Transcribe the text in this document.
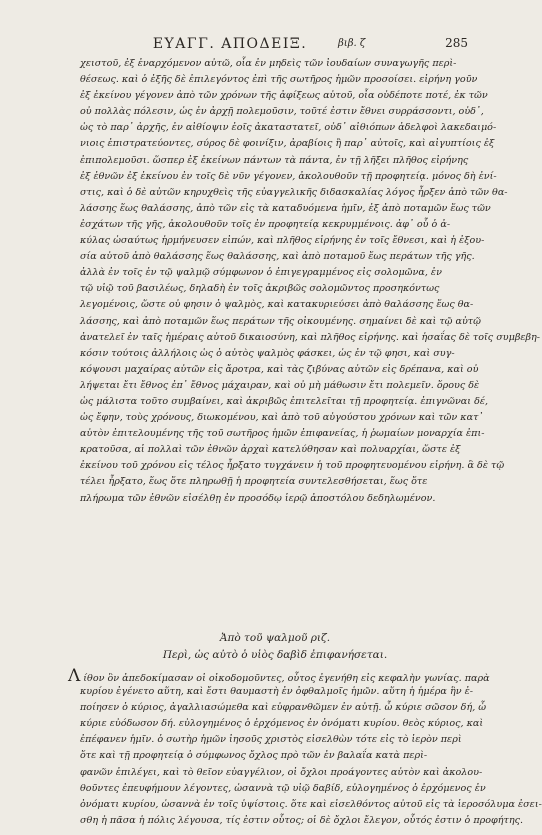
ΕΥΑΓΓ. ΑΠΟΔΕΙΞ.	βιβ. ζ̅	285
χειστοῦ, ἐξ ἐναρχόμενον αὐτῶ, οἷα ἐν μηδεὶς τῶν ἰουδαίων συναγωγῆς περὶ-
θέσεως. καὶ ὁ ἐξῆς δὲ ἐπιλεγόντος ἐπὶ τῆς σωτῆρος ἡμῶν προσοίσει. εἰρήνη γοῦν
ἐξ ἐκείνου γέγονεν ἀπὸ τῶν χρόνων τῆς ἀφίξεως αὐτοῦ, οἷα οὐδέποτε ποτέ, ἐκ τῶν
οὐ πολλὰς πόλεσιν, ὡς ἐν ἀρχῇ πολεμοῦσιν, τοῦτέ ἐστιν ἔθνει συρράσσοντι, οὐδ᾽,
ὡς τὸ παρ᾽ ἀρχῆς, ἐν αἰθίοψιν ἐοῖς ἀκαταστατεῖ, οὐδ᾽ αἰθιόπων ἀδελφοὶ λακεδαιμό-
νιοις ἐπιστρατεύοντες, σύρος δὲ φοινίξιν, ἀραβίοις ἢ παρ᾽ αὐτοῖς, καὶ αἰγυπτίοις ἐξ
ἐπιπολεμοῦσι. ὥσπερ ἐξ ἐκείνων πάντων τὰ πάντα, ἐν τῇ λῆξει πλῆθος εἰρήνης
ἐξ ἐθνῶν ἐξ ἐκείνου ἐν τοῖς δὲ νῦν γέγονεν, ἀκολουθοῦν τῇ προφητείᾳ. μόνος δὴ ἐνί-
στις, καὶ ὁ δὲ αὐτῶν κηρυχθεὶς τῆς εὐαγγελικῆς διδασκαλίας λόγος ἦρξεν ἀπὸ τῶν θα-
λάσσης ἕως θαλάσσης, ἀπὸ τῶν εἰς τὰ καταδυόμενα ἡμῖν, ἐξ ἀπὸ ποταμῶν ἕως τῶν
ἐσχάτων τῆς γῆς, ἀκολουθοῦν τοῖς ἐν προφητείᾳ κεκρυμμένοις. ἀφ᾽ οὗ ὁ ἀ-
κύλας ὡσαύτως ἡρμήνευσεν εἰπών, καὶ πλῆθος εἰρήνης ἐν τοῖς ἔθνεσι, καὶ ἡ ἐξου-
σία αὐτοῦ ἀπὸ θαλάσσης ἕως θαλάσσης, καὶ ἀπὸ ποταμοῦ ἕως περάτων τῆς γῆς.
ἀλλὰ ἐν τοῖς ἐν τῷ ψαλμῷ σύμφωνον ὁ ἐπιγεγραμμένος εἰς σολομῶνα, ἐν
τῷ υἱῷ τοῦ βασιλέως, δηλαδὴ ἐν τοῖς ἀκριβῶς σολομῶντος προσηκόντως
λεγομένοις, ὥστε οὐ φησιν ὁ ψαλμὸς, καὶ κατακυριεύσει ἀπὸ θαλάσσης ἕως θα-
λάσσης, καὶ ἀπὸ ποταμῶν ἕως περάτων τῆς οἰκουμένης. σημαίνει δὲ καὶ τῷ αὐτῷ
ἀνατελεῖ ἐν ταῖς ἡμέραις αὐτοῦ δικαιοσύνη, καὶ πλῆθος εἰρήνης. καὶ ἡσαΐας δὲ τοῖς συμβεβη-
κόσιν τούτοις ἀλλήλοις ὡς ὁ αὐτὸς ψαλμὸς φάσκει, ὡς ἐν τῷ φησι, καὶ συγ-
κόψουσι μαχαίρας αὐτῶν εἰς ἄροτρα, καὶ τὰς ζιβύνας αὐτῶν εἰς δρέπανα, καὶ οὐ
λήψεται ἔτι ἔθνος ἐπ᾽ ἔθνος μάχαιραν, καὶ οὐ μὴ μάθωσιν ἔτι πολεμεῖν. ὅρους δὲ
ὡς μάλιστα τοῦτο συμβαίνει, καὶ ἀκριβῶς ἐπιτελεῖται τῇ προφητείᾳ. ἐπιγνῶναι δέ,
ὡς ἔφην, τοὺς χρόνους, διωκομένου, καὶ ἀπὸ τοῦ αὐγούστου χρόνων καὶ τῶν κατ᾽
αὐτὸν ἐπιτελουμένης τῆς τοῦ σωτῆρος ἡμῶν ἐπιφανείας, ἡ ῥωμαίων μοναρχία ἐπι-
κρατοῦσα, αἱ πολλαὶ τῶν ἐθνῶν ἀρχαὶ κατελύθησαν καὶ πολυαρχίαι, ὥστε ἐξ
ἐκείνου τοῦ χρόνου εἰς τέλος ἦρξατο τυγχάνειν ἡ τοῦ προφητευομένου εἰρήνη. ἃ δὲ τῷ
τέλει ἦρξατο, ἕως ὅτε πληρωθῇ ἡ προφητεία συντελεσθήσεται, ἕως ὅτε
πλήρωμα τῶν ἐθνῶν εἰσέλθῃ ἐν προσόδῳ ἱερῷ ἀποστόλου δεδηλωμένον.
Ἀπὸ τοῦ ψαλμοῦ ριζ.
Περὶ, ὡς αὐτὸ ὁ υἱὸς δαβὶδ ἐπιφανήσεται.
Λίθον ὃν ἀπεδοκίμασαν οἱ οἰκοδομοῦντες, οὗτος ἐγενήθη εἰς κεφαλὴν γωνίας. παρὰ
κυρίου ἐγένετο αὕτη, καὶ ἔστι θαυμαστὴ ἐν ὀφθαλμοῖς ἡμῶν. αὕτη ἡ ἡμέρα ἣν ἐ-
ποίησεν ὁ κύριος, ἀγαλλιασώμεθα καὶ εὐφρανθῶμεν ἐν αὐτῇ. ὦ κύριε σῶσον δή, ὦ
κύριε εὐόδωσον δή. εὐλογημένος ὁ ἐρχόμενος ἐν ὀνόματι κυρίου. θεὸς κύριος, καὶ
ἐπέφανεν ἡμῖν. ὁ σωτὴρ ἡμῶν ἰησοῦς χριστὸς εἰσελθὼν τότε εἰς τὸ ἱερὸν περὶ
ὅτε καὶ τῇ προφητείᾳ ὁ σύμφωνος ὄχλος πρὸ τῶν ἐν βαλαΐα κατὰ περὶ-
φανῶν ἐπιλέγει, καὶ τὸ θεῖον εὐαγγέλιον, οἱ ὄχλοι προάγοντες αὐτὸν καὶ ἀκολου-
θοῦντες ἐπευφήμουν λέγοντες, ὡσαννὰ τῷ υἱῷ δαβίδ, εὐλογημένος ὁ ἐρχόμενος ἐν
ὀνόματι κυρίου, ὡσαννὰ ἐν τοῖς ὑψίστοις. ὅτε καὶ εἰσελθόντος αὐτοῦ εἰς τὰ ἱεροσόλυμα ἐσει-
σθη ἡ πᾶσα ἡ πόλις λέγουσα, τίς ἐστιν οὗτος; οἱ δὲ ὄχλοι ἔλεγον, οὗτός ἐστιν ὁ προφήτης.
